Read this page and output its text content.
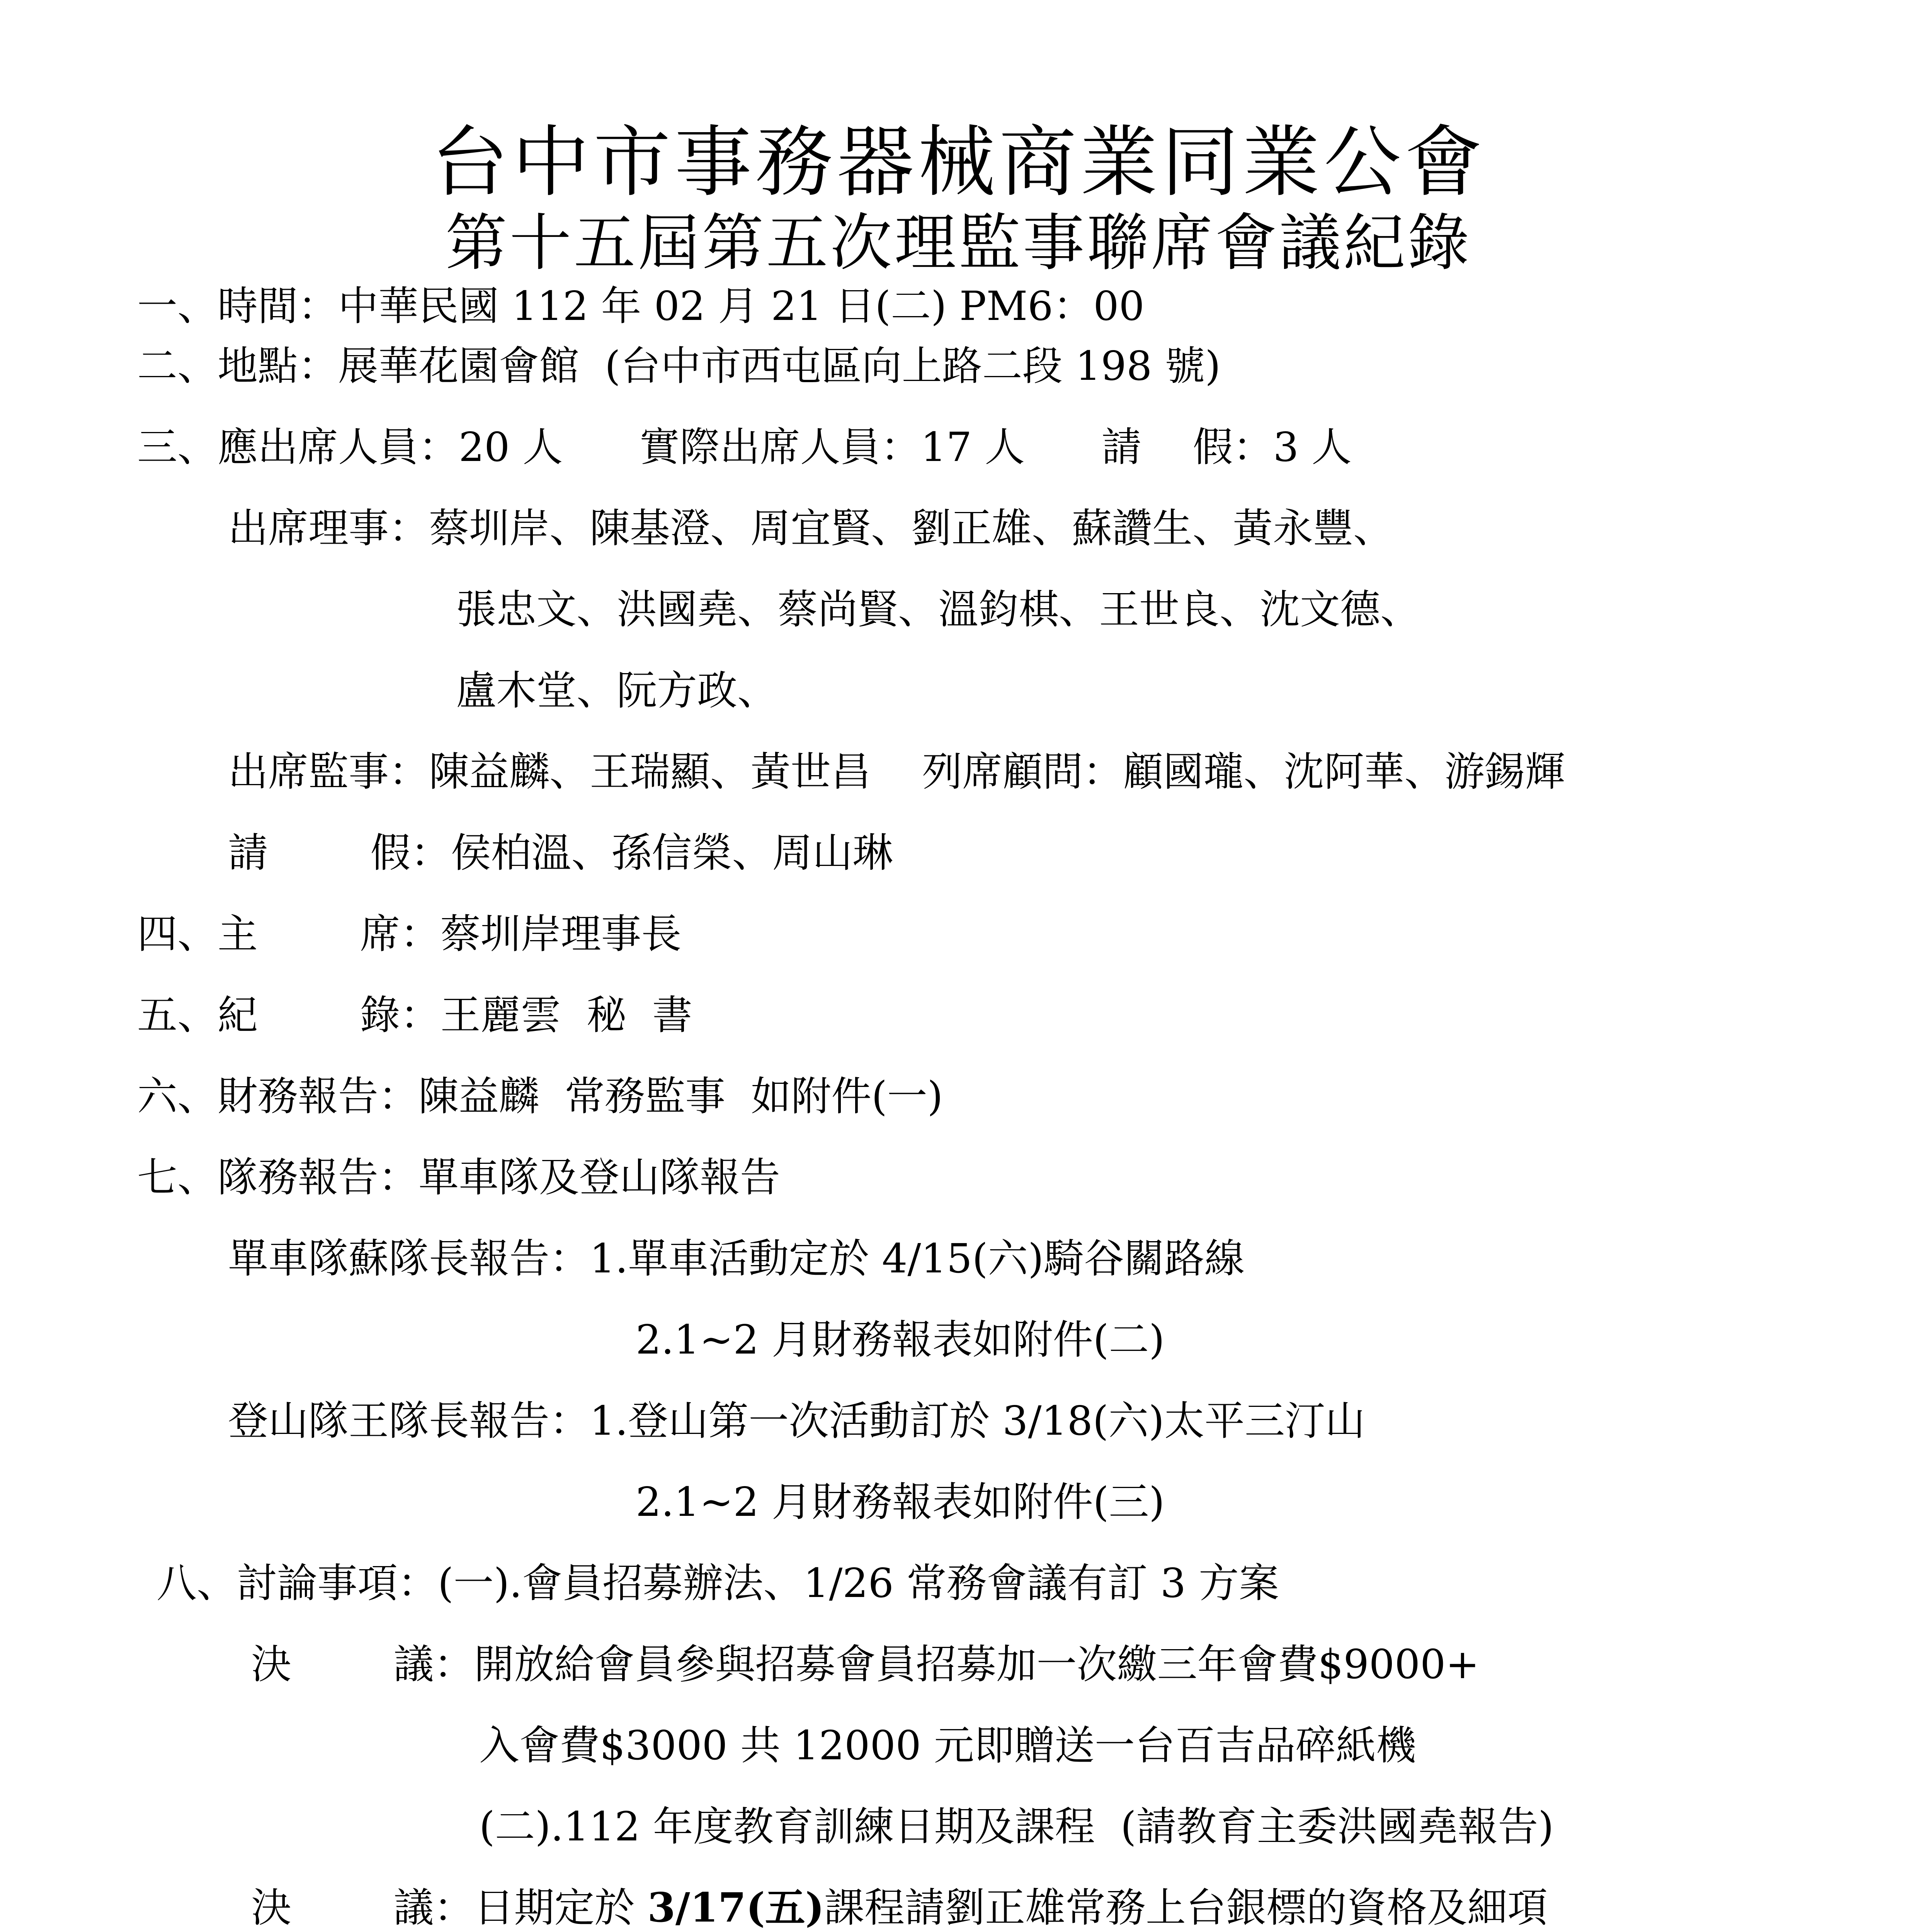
台中市事務器械商業同業公會
第十五屆第五次理監事聯席會議紀錄
一、時間：中華民國 112 年 02 月 21 日(二) PM6：00
二、地點：展華花園會館  (台中市西屯區向上路二段 198 號)
三、應出席人員：20 人      實際出席人員：17 人      請    假：3 人
出席理事：蔡圳岸、陳基澄、周宜賢、劉正雄、蘇讚生、黃永豐、
張忠文、洪國堯、蔡尚賢、溫鈞棋、王世良、沈文德、
盧木堂、阮方政、
出席監事：陳益麟、王瑞顯、黃世昌    列席顧問：顧國瓏、沈阿華、游錫輝
請        假：侯柏溫、孫信榮、周山琳
四、主        席：蔡圳岸理事長
五、紀        錄：王麗雲  秘  書
六、財務報告：陳益麟  常務監事  如附件(一)
七、隊務報告：單車隊及登山隊報告
單車隊蘇隊長報告：1.單車活動定於 4/15(六)騎谷關路線
2.1~2 月財務報表如附件(二)
登山隊王隊長報告：1.登山第一次活動訂於 3/18(六)太平三汀山
2.1~2 月財務報表如附件(三)
八、討論事項：(一).會員招募辦法、1/26 常務會議有訂 3 方案
決        議：開放給會員參與招募會員招募加一次繳三年會費$9000+
入會費$3000 共 12000 元即贈送一台百吉品碎紙機
(二).112 年度教育訓練日期及課程  (請教育主委洪國堯報告)
決        議：日期定於 3/17(五)課程請劉正雄常務上台銀標的資格及細項
